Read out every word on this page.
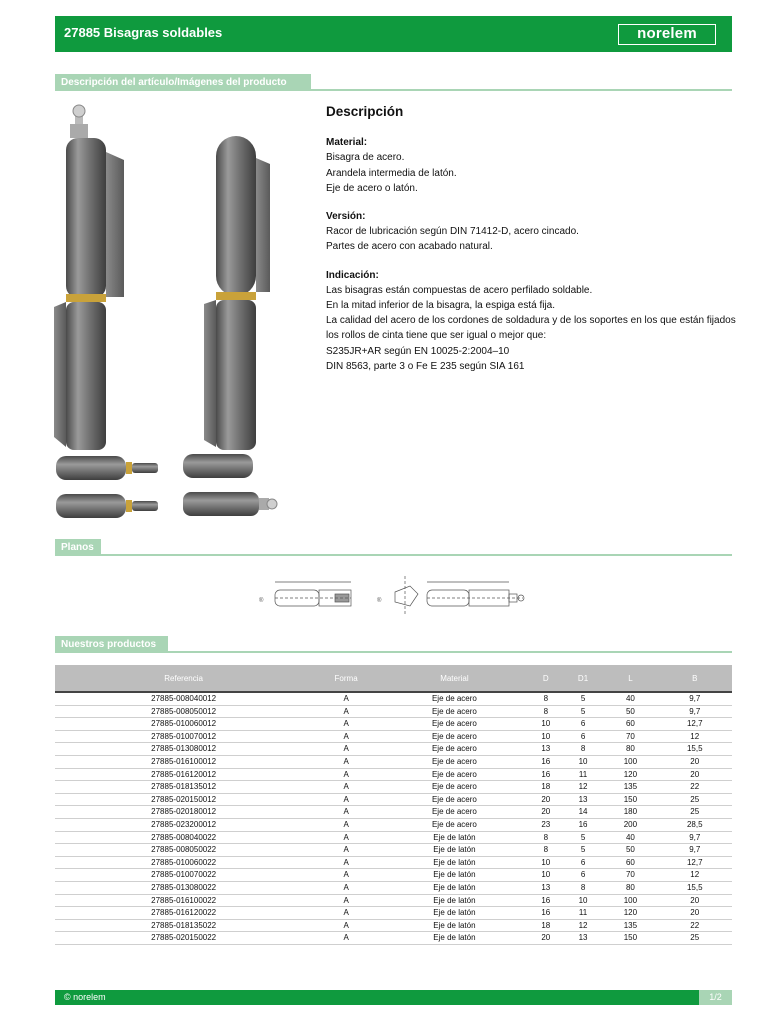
27885 Bisagras soldables	norelem
Descripción del artículo/Imágenes del producto
Descripción
Material:
Bisagra de acero.
Arandela intermedia de latón.
Eje de acero o latón.
Versión:
Racor de lubricación según DIN 71412-D, acero cincado.
Partes de acero con acabado natural.
Indicación:
Las bisagras están compuestas de acero perfilado soldable.
En la mitad inferior de la bisagra, la espiga está fija.
La calidad del acero de los cordones de soldadura y de los soportes en los que están fijados los rollos de cinta tiene que ser igual o mejor que:
S235JR+AR según EN 10025-2:2004–10
DIN 8563, parte 3 o Fe E 235 según SIA 161
Planos
®	®
Nuestros productos
Referencia	Forma	Material	D	D1	L	B
27885-008040012	A	Eje de acero	8	5	40	9,7
27885-008050012	A	Eje de acero	8	5	50	9,7
27885-010060012	A	Eje de acero	10	6	60	12,7
27885-010070012	A	Eje de acero	10	6	70	12
27885-013080012	A	Eje de acero	13	8	80	15,5
27885-016100012	A	Eje de acero	16	10	100	20
27885-016120012	A	Eje de acero	16	11	120	20
27885-018135012	A	Eje de acero	18	12	135	22
27885-020150012	A	Eje de acero	20	13	150	25
27885-020180012	A	Eje de acero	20	14	180	25
27885-023200012	A	Eje de acero	23	16	200	28,5
27885-008040022	A	Eje de latón	8	5	40	9,7
27885-008050022	A	Eje de latón	8	5	50	9,7
27885-010060022	A	Eje de latón	10	6	60	12,7
27885-010070022	A	Eje de latón	10	6	70	12
27885-013080022	A	Eje de latón	13	8	80	15,5
27885-016100022	A	Eje de latón	16	10	100	20
27885-016120022	A	Eje de latón	16	11	120	20
27885-018135022	A	Eje de latón	18	12	135	22
27885-020150022	A	Eje de latón	20	13	150	25
© norelem	1/2
